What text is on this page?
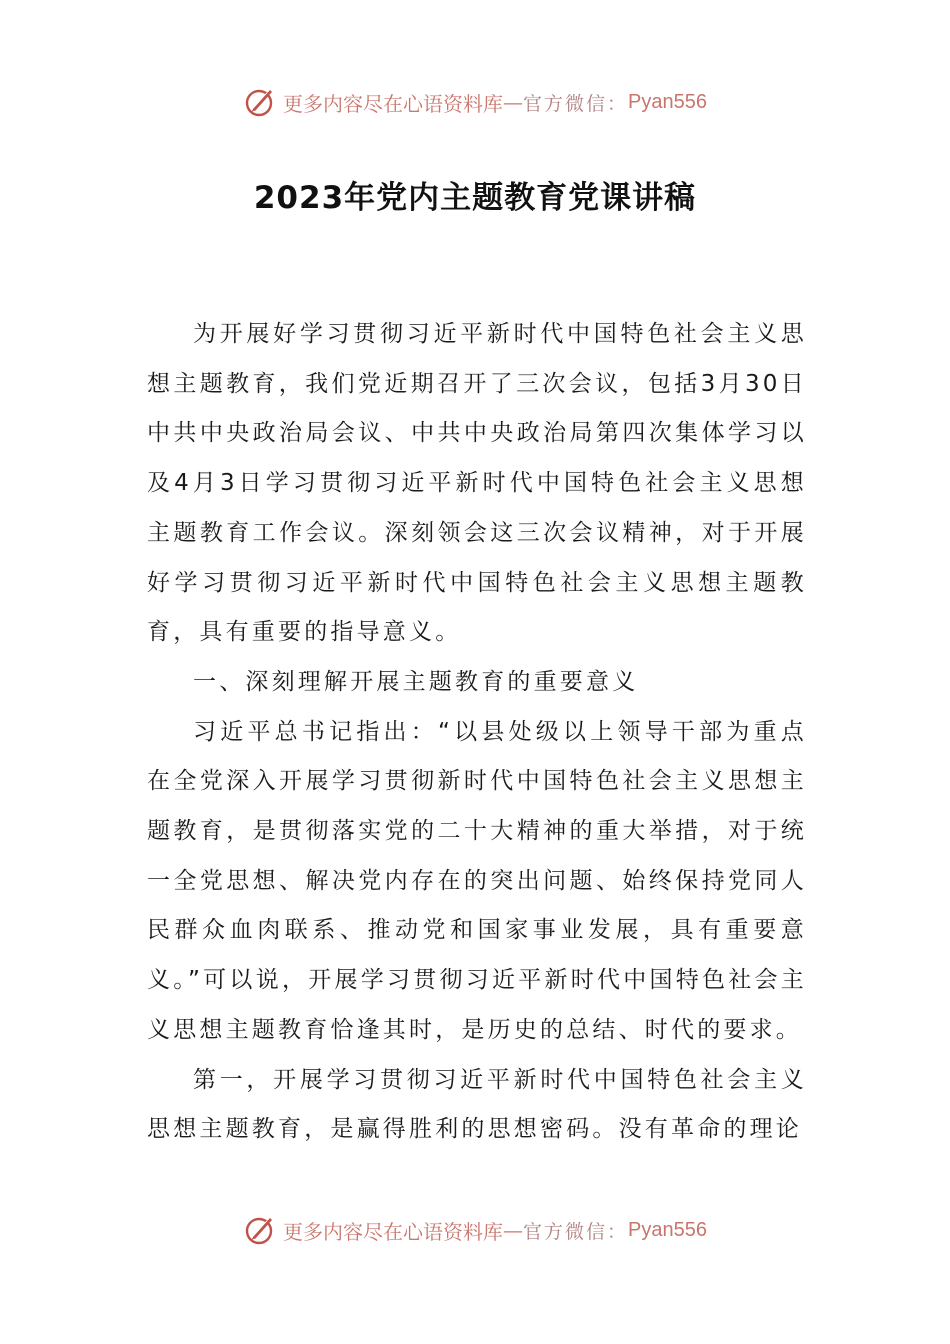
更多内容尽在心语资料库 — 官方微信： Pyan556
2023年党内主题教育党课讲稿

为开展好学习贯彻习近平新时代中国特色社会主义思想主题教育，我们党近期召开了三次会议，包括3月30日中共中央政治局会议、中共中央政治局第四次集体学习以及4月3日学习贯彻习近平新时代中国特色社会主义思想主题教育工作会议。深刻领会这三次会议精神，对于开展好学习贯彻习近平新时代中国特色社会主义思想主题教育，具有重要的指导意义。

一、深刻理解开展主题教育的重要意义

习近平总书记指出：“以县处级以上领导干部为重点在全党深入开展学习贯彻新时代中国特色社会主义思想主题教育，是贯彻落实党的二十大精神的重大举措，对于统一全党思想、解决党内存在的突出问题、始终保持党同人民群众血肉联系、推动党和国家事业发展，具有重要意义。”可以说，开展学习贯彻习近平新时代中国特色社会主义思想主题教育恰逢其时，是历史的总结、时代的要求。

第一，开展学习贯彻习近平新时代中国特色社会主义思想主题教育，是赢得胜利的思想密码。没有革命的理论

更多内容尽在心语资料库 — 官方微信： Pyan556
